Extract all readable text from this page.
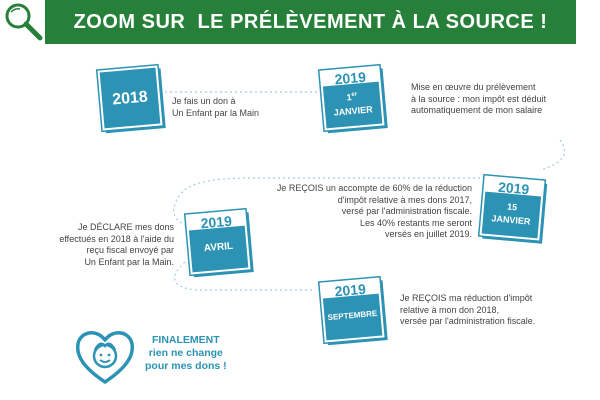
ZOOM SUR  LE PRÉLÈVEMENT À LA SOURCE !
2018	Je fais un don à
Un Enfant par la Main
2019
1er
JANVIER
Mise en œuvre du prélèvement
à la source : mon impôt est déduit
automatiquement de mon salaire
2019
15
JANVIER
Je REÇOIS un accompte de 60% de la réduction
d'impôt relative à mes dons 2017,
versé par l'administration fiscale.
Les 40% restants me seront
versés en juillet 2019.
2019
AVRIL
Je DÉCLARE mes dons
effectués en 2018 à l'aide du
reçu fiscal envoyé par
Un Enfant par la Main.
2019
SEPTEMBRE
Je REÇOIS ma réduction d'impôt
relative à mon don 2018,
versée par l'administration fiscale.
FINALEMENT
rien ne change
pour mes dons !
